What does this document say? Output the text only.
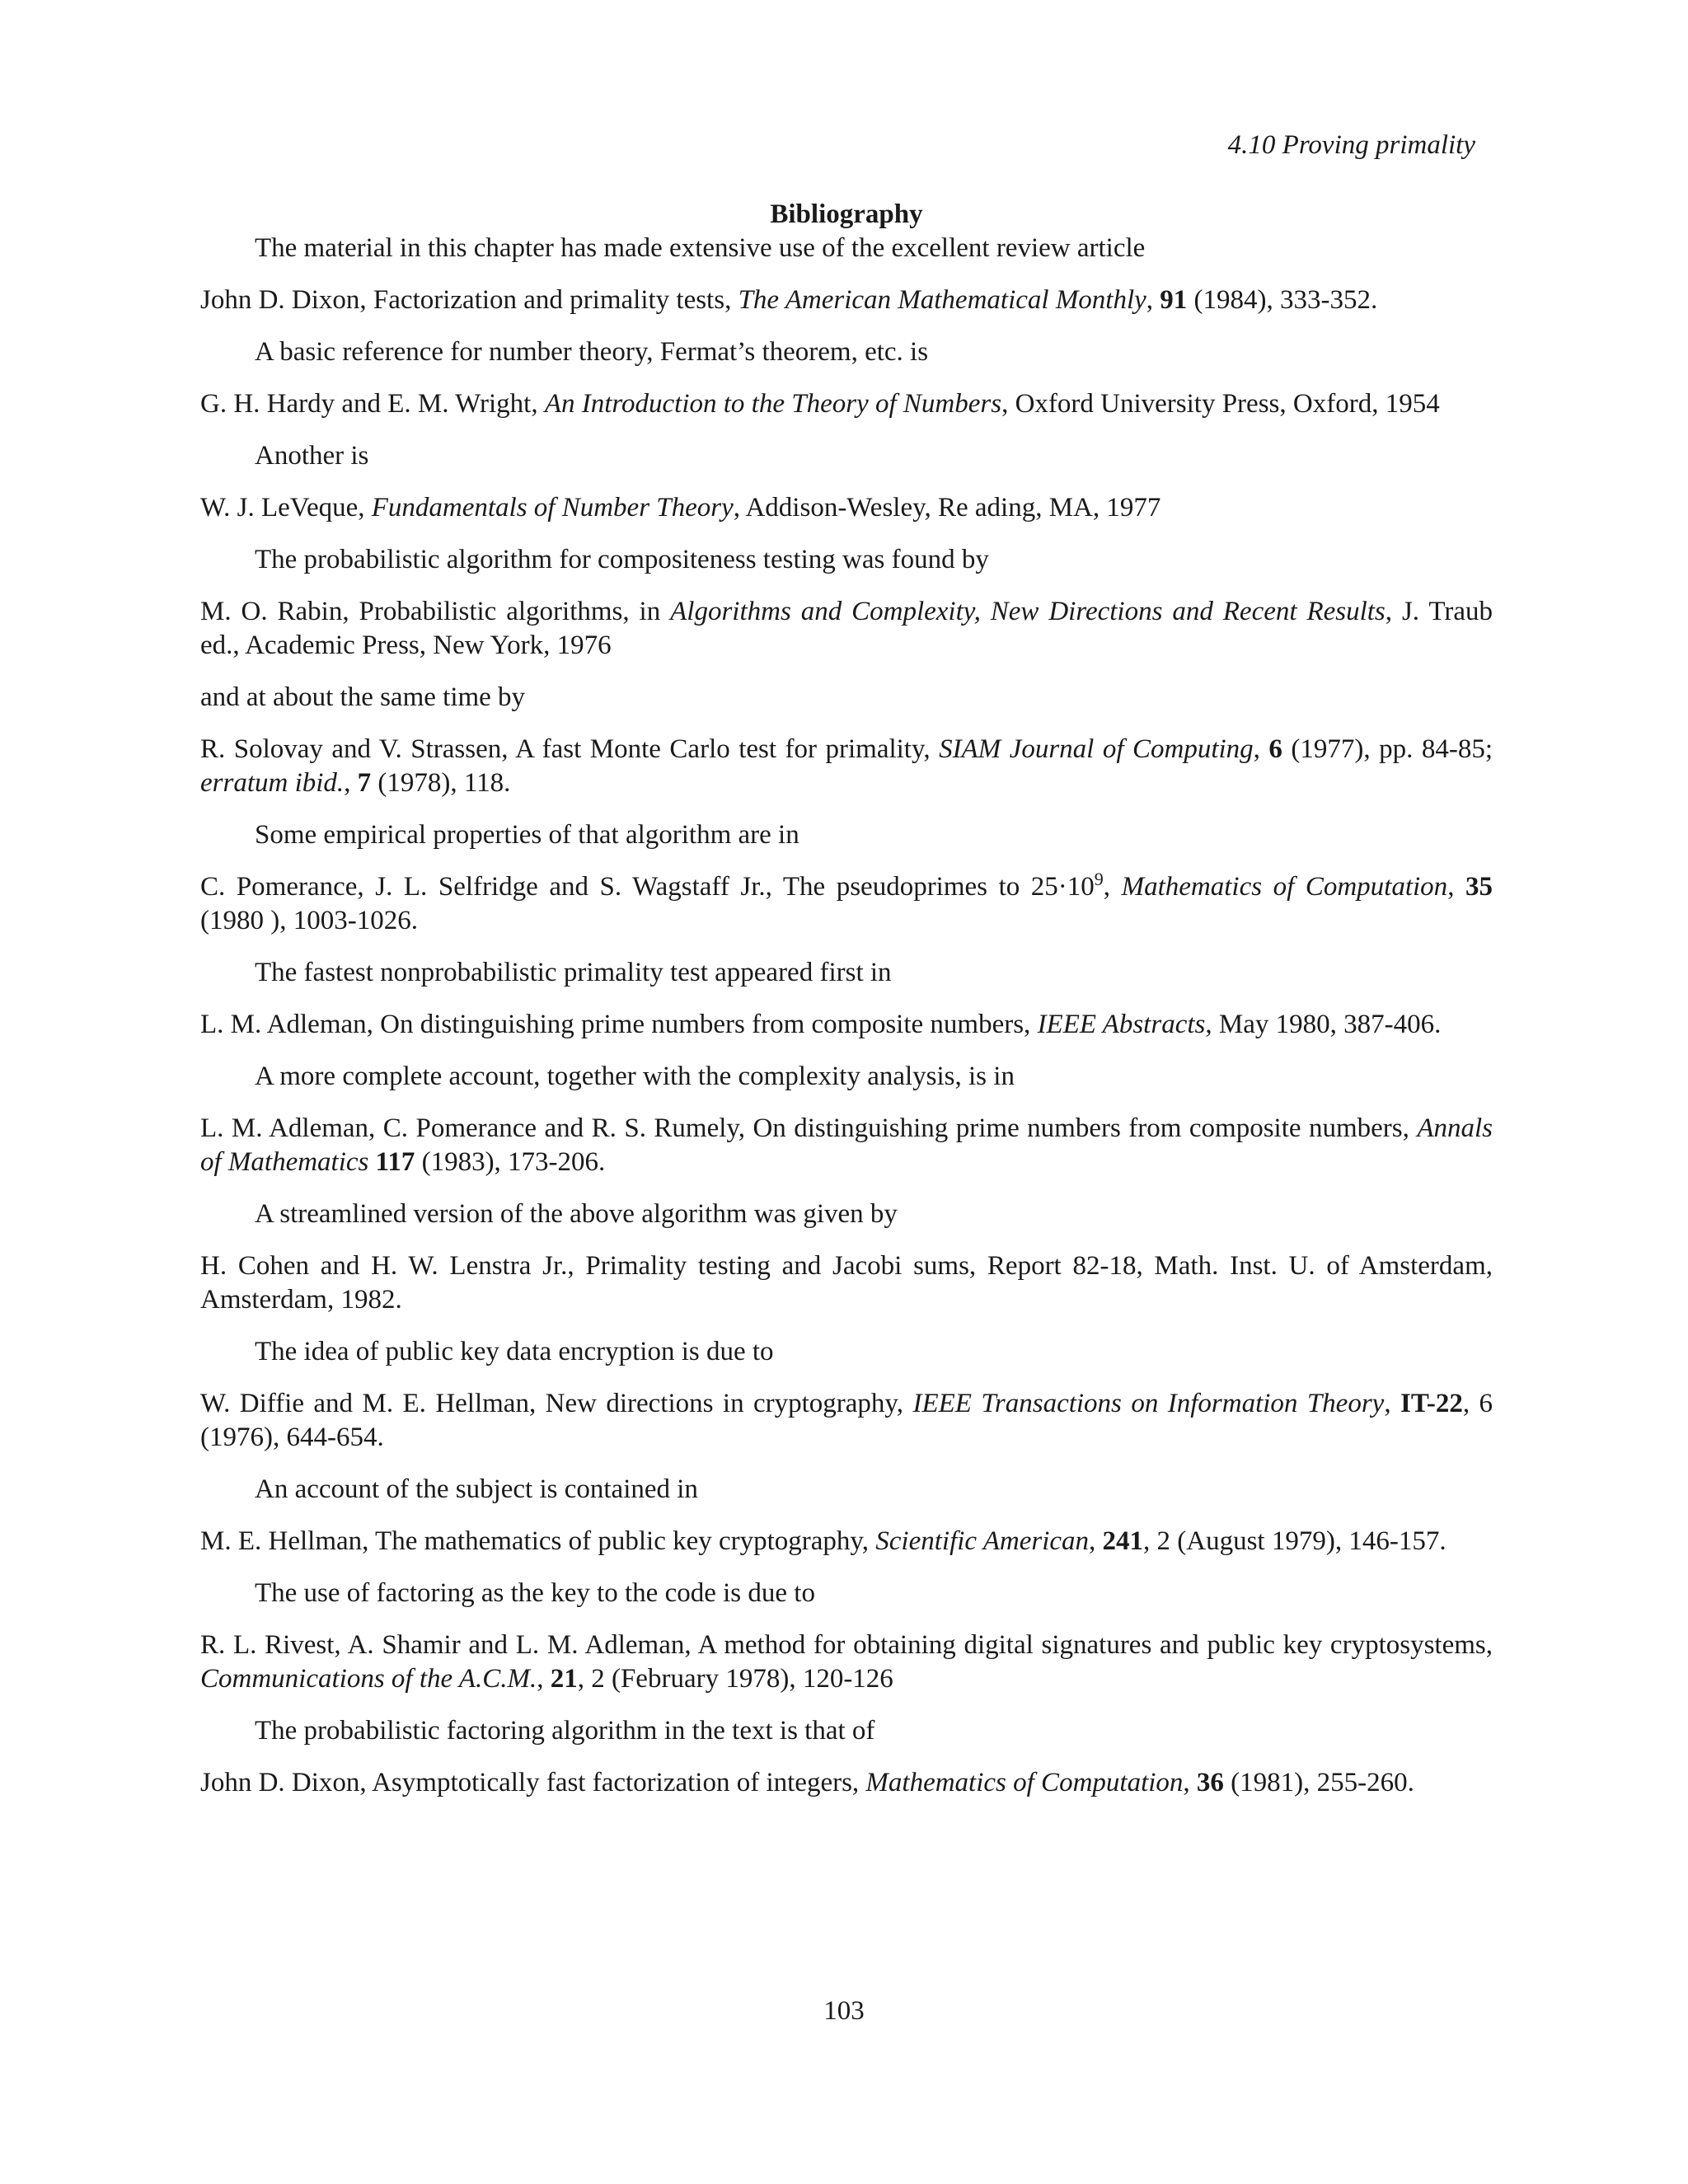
4.10 Proving primality
Bibliography

The material in this chapter has made extensive use of the excellent review article

John D. Dixon, Factorization and primality tests, The American Mathematical Monthly, 91 (1984), 333-352.

A basic reference for number theory, Fermat’s theorem, etc. is

G. H. Hardy and E. M. Wright, An Introduction to the Theory of Numbers, Oxford University Press, Oxford, 1954

Another is

W. J. LeVeque, Fundamentals of Number Theory, Addison-Wesley, Re ading, MA, 1977

The probabilistic algorithm for compositeness testing was found by

M. O. Rabin, Probabilistic algorithms, in Algorithms and Complexity, New Directions and Recent Results, J. Traub ed., Academic Press, New York, 1976

and at about the same time by

R. Solovay and V. Strassen, A fast Monte Carlo test for primality, SIAM Journal of Computing, 6 (1977), pp. 84-85; erratum ibid., 7 (1978), 118.

Some empirical properties of that algorithm are in

C. Pomerance, J. L. Selfridge and S. Wagstaff Jr., The pseudoprimes to $25\cdot 10^9$, Mathematics of Computation, 35 (1980 ), 1003-1026.

The fastest nonprobabilistic primality test appeared first in

L. M. Adleman, On distinguishing prime numbers from composite numbers, IEEE Abstracts, May 1980, 387-406.

A more complete account, together with the complexity analysis, is in

L. M. Adleman, C. Pomerance and R. S. Rumely, On distinguishing prime numbers from composite numbers, Annals of Mathematics 117 (1983), 173-206.

A streamlined version of the above algorithm was given by

H. Cohen and H. W. Lenstra Jr., Primality testing and Jacobi sums, Report 82-18, Math. Inst. U. of Amsterdam, Amsterdam, 1982.

The idea of public key data encryption is due to

W. Diffie and M. E. Hellman, New directions in cryptography, IEEE Transactions on Information Theory, IT-22, 6 (1976), 644-654.

An account of the subject is contained in

M. E. Hellman, The mathematics of public key cryptography, Scientific American, 241, 2 (August 1979), 146-157.

The use of factoring as the key to the code is due to

R. L. Rivest, A. Shamir and L. M. Adleman, A method for obtaining digital signatures and public key cryptosystems, Communications of the A.C.M., 21, 2 (February 1978), 120-126

The probabilistic factoring algorithm in the text is that of

John D. Dixon, Asymptotically fast factorization of integers, Mathematics of Computation, 36 (1981), 255-260.

103
